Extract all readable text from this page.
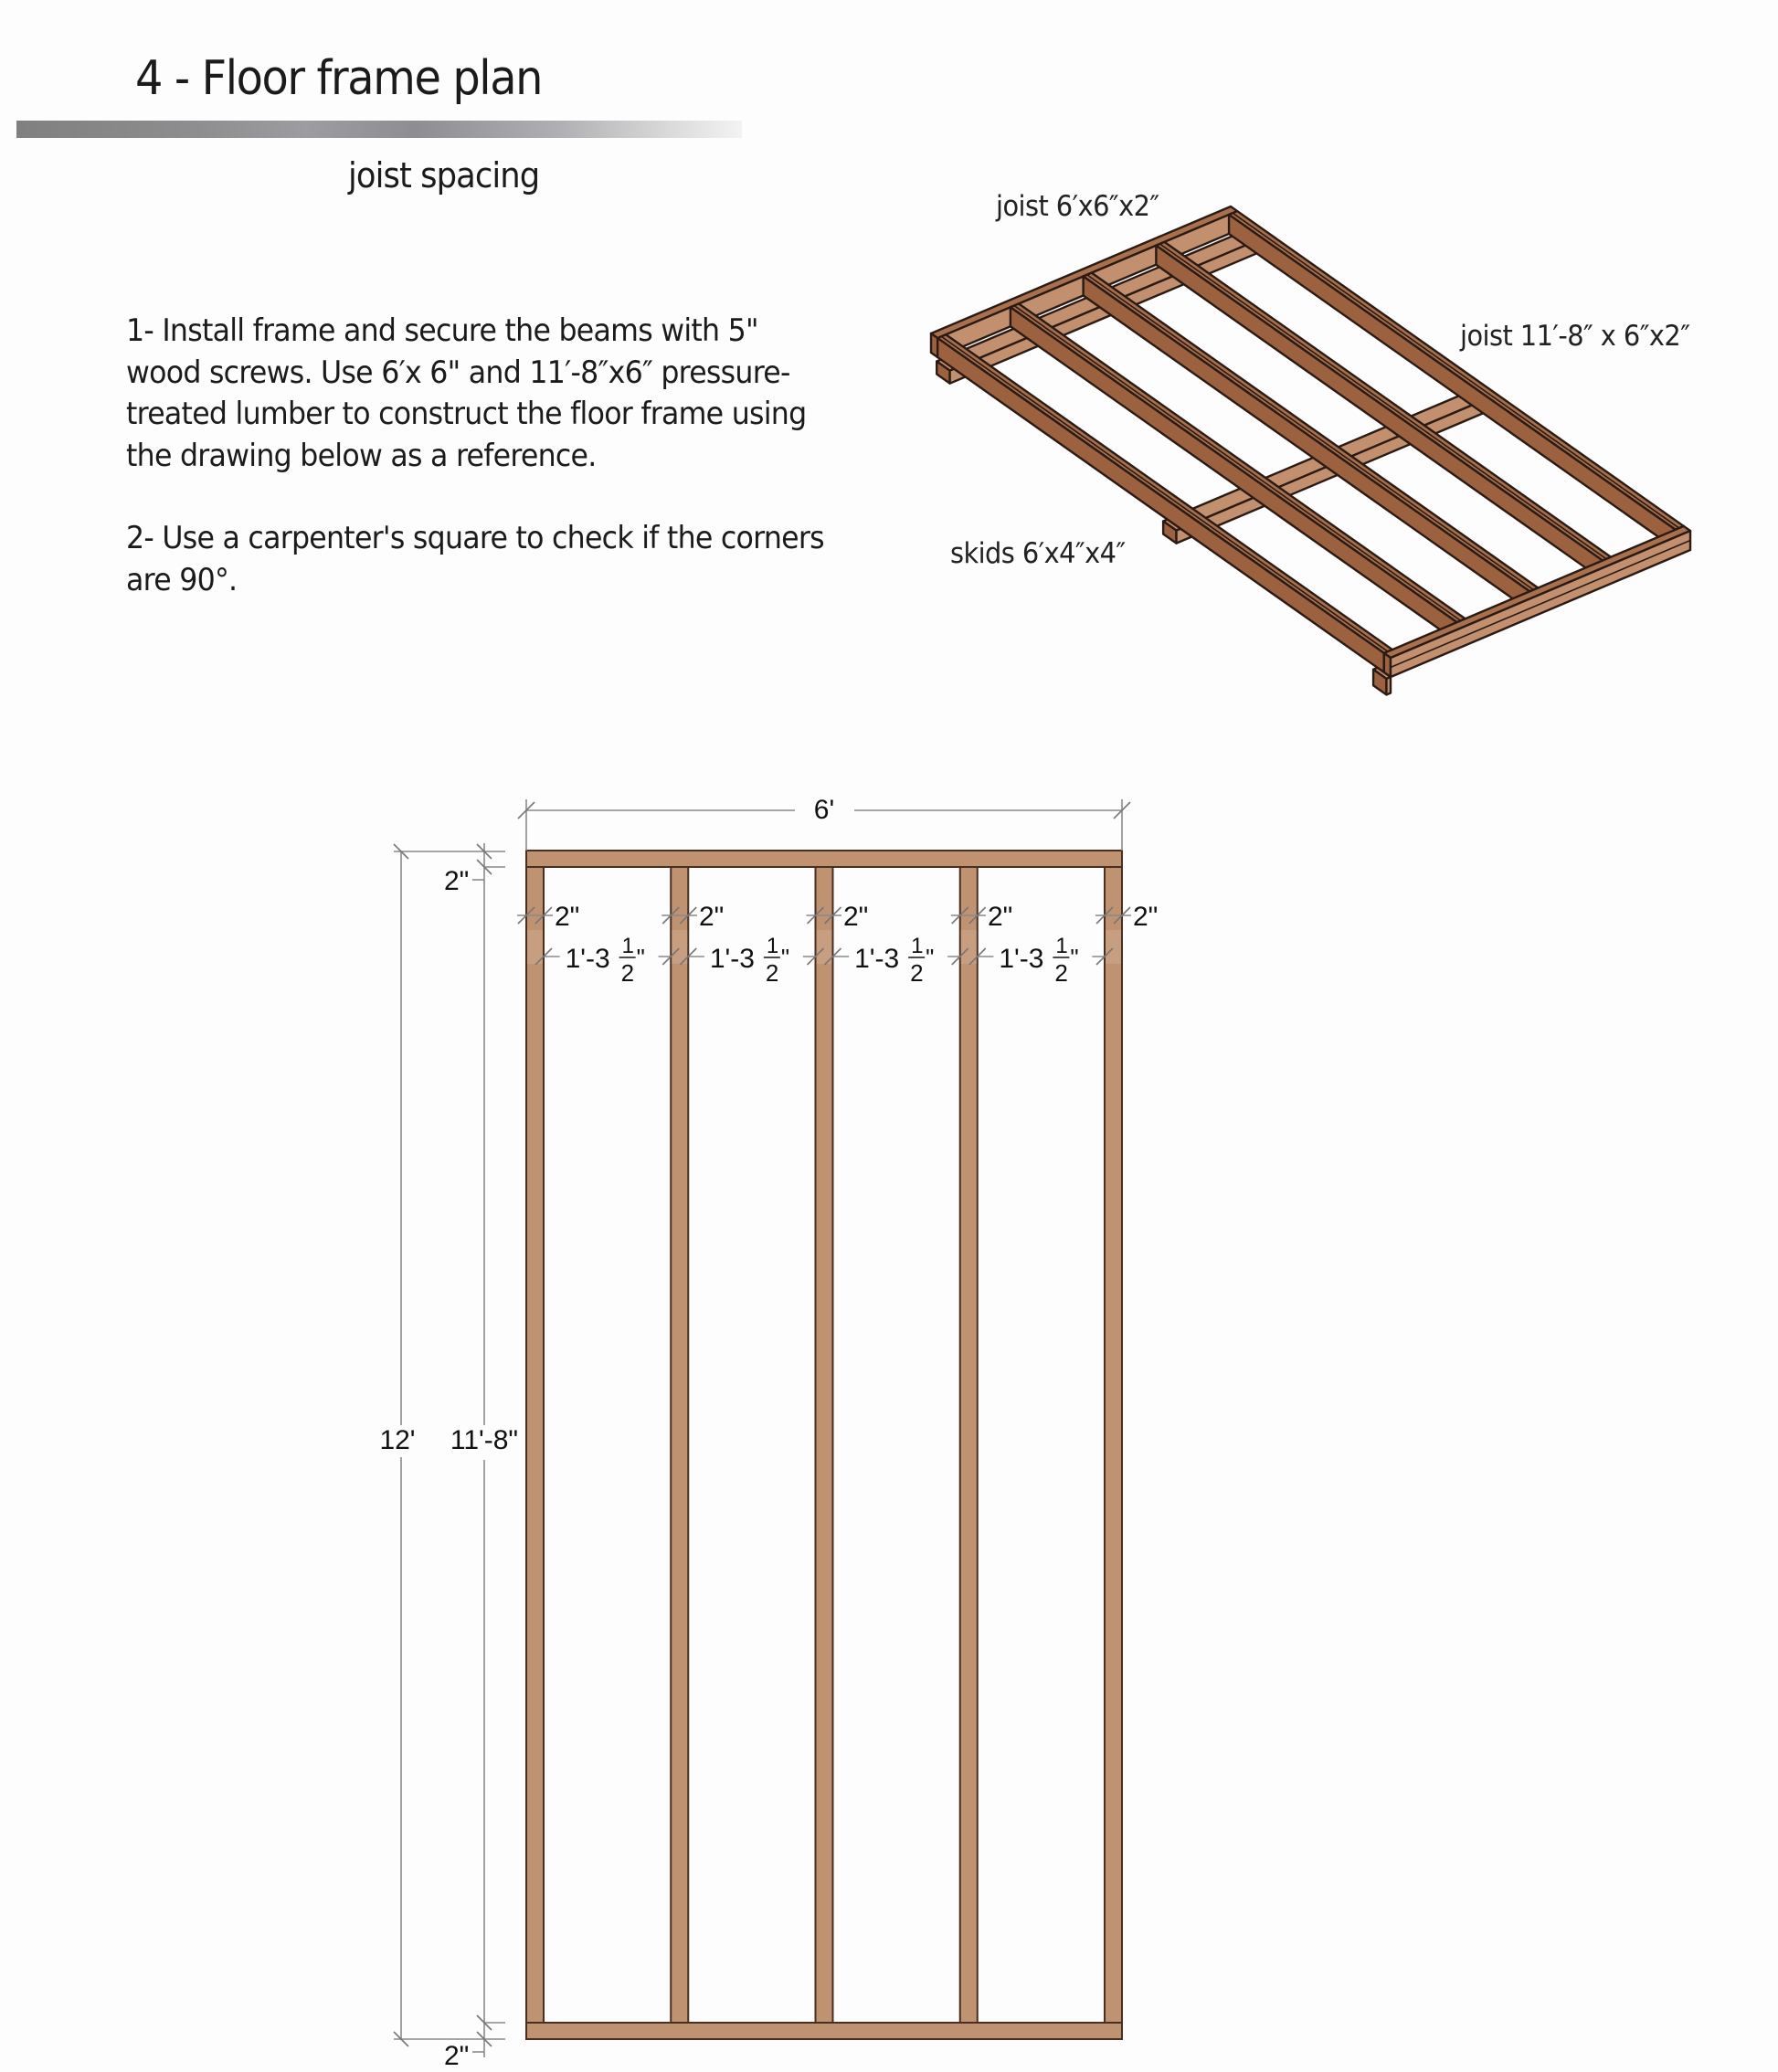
4 - Floor frame plan
joist spacing

1- Install frame and secure the beams with 5" wood screws. Use 6′x 6" and 11′-8″x6″ pressure-treated lumber to construct the floor frame using the drawing below as a reference.

2- Use a carpenter's square to check if the corners are 90°.

joist 6′x6″x2″
joist 11′-8″ x 6″x2″
skids 6′x4″x4″
6'
12' 11'-8"
2"
2"
2"	2"	2"	2"	2"
1'-3 1
2
" 1'-3 1
2
" 1'-3 1
2
" 1'-3 1
2
"
